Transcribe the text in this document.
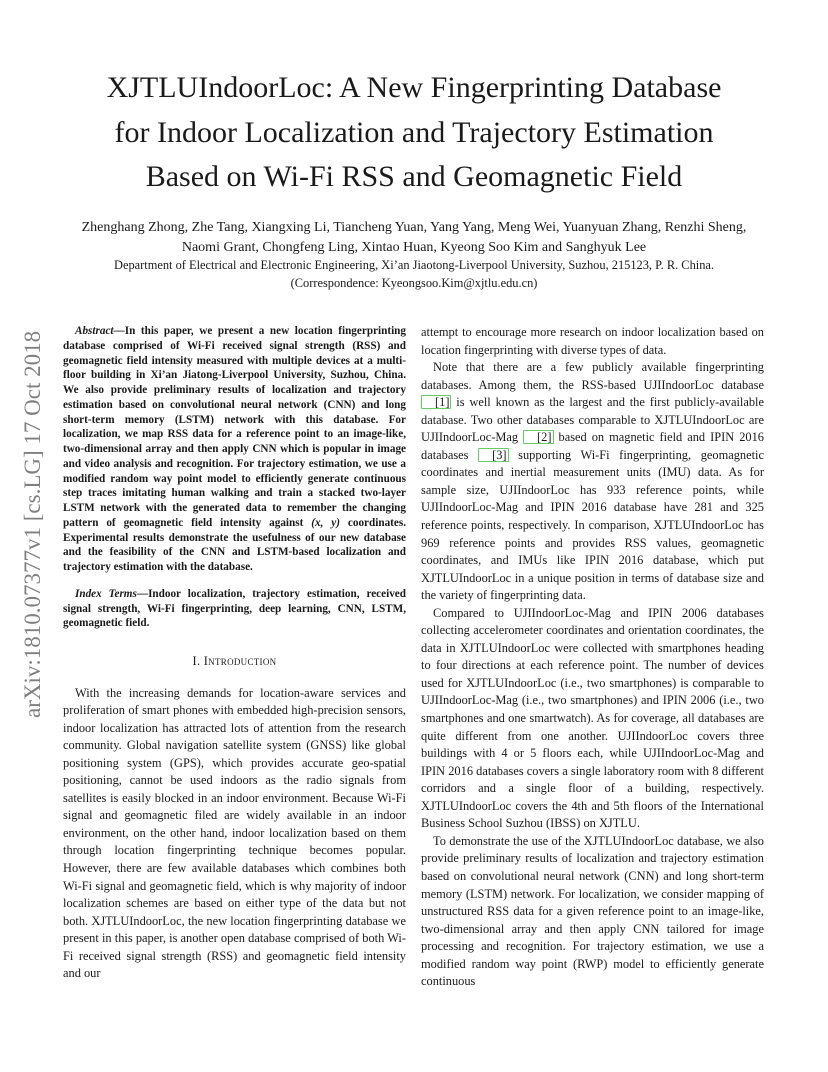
arXiv:1810.07377v1 [cs.LG] 17 Oct 2018
XJTLUIndoorLoc: A New Fingerprinting Database
for Indoor Localization and Trajectory Estimation
Based on Wi-Fi RSS and Geomagnetic Field
Zhenghang Zhong, Zhe Tang, Xiangxing Li, Tiancheng Yuan, Yang Yang, Meng Wei, Yuanyuan Zhang, Renzhi Sheng,
Naomi Grant, Chongfeng Ling, Xintao Huan, Kyeong Soo Kim and Sanghyuk Lee
Department of Electrical and Electronic Engineering, Xi’an Jiaotong-Liverpool University, Suzhou, 215123, P. R. China.
(Correspondence: Kyeongsoo.Kim@xjtlu.edu.cn)

Abstract—In this paper, we present a new location fingerprinting database comprised of Wi-Fi received signal strength (RSS) and geomagnetic field intensity measured with multiple devices at a multi-floor building in Xi’an Jiatong-Liverpool University, Suzhou, China. We also provide preliminary results of localization and trajectory estimation based on convolutional neural network (CNN) and long short-term memory (LSTM) network with this database. For localization, we map RSS data for a reference point to an image-like, two-dimensional array and then apply CNN which is popular in image and video analysis and recognition. For trajectory estimation, we use a modified random way point model to efficiently generate continuous step traces imitating human walking and train a stacked two-layer LSTM network with the generated data to remember the changing pattern of geomagnetic field intensity against (x, y) coordinates. Experimental results demonstrate the usefulness of our new database and the feasibility of the CNN and LSTM-based localization and trajectory estimation with the database.

Index Terms—Indoor localization, trajectory estimation, received signal strength, Wi-Fi fingerprinting, deep learning, CNN, LSTM, geomagnetic field.

I. Introduction

With the increasing demands for location-aware services and proliferation of smart phones with embedded high-precision sensors, indoor localization has attracted lots of attention from the research community. Global navigation satellite system (GNSS) like global positioning system (GPS), which provides accurate geo-spatial positioning, cannot be used indoors as the radio signals from satellites is easily blocked in an indoor environment. Because Wi-Fi signal and geomagnetic filed are widely available in an indoor environment, on the other hand, indoor localization based on them through location fingerprinting technique becomes popular. However, there are few available databases which combines both Wi-Fi signal and geomagnetic field, which is why majority of indoor localization schemes are based on either type of the data but not both. XJTLUIndoorLoc, the new location fingerprinting database we present in this paper, is another open database comprised of both Wi-Fi received signal strength (RSS) and geomagnetic field intensity and our

attempt to encourage more research on indoor localization based on location fingerprinting with diverse types of data.

Note that there are a few publicly available fingerprinting databases. Among them, the RSS-based UJIIndoorLoc database [1] is well known as the largest and the first publicly-available database. Two other databases comparable to XJTLUIndoorLoc are UJIIndoorLoc-Mag [2] based on magnetic field and IPIN 2016 databases [3] supporting Wi-Fi fingerprinting, geomagnetic coordinates and inertial measurement units (IMU) data. As for sample size, UJIIndoorLoc has 933 reference points, while UJIIndoorLoc-Mag and IPIN 2016 database have 281 and 325 reference points, respectively. In comparison, XJTLUIndoorLoc has 969 reference points and provides RSS values, geomagnetic coordinates, and IMUs like IPIN 2016 database, which put XJTLUIndoorLoc in a unique position in terms of database size and the variety of fingerprinting data.

Compared to UJIIndoorLoc-Mag and IPIN 2006 databases collecting accelerometer coordinates and orientation coordinates, the data in XJTLUIndoorLoc were collected with smartphones heading to four directions at each reference point. The number of devices used for XJTLUIndoorLoc (i.e., two smartphones) is comparable to UJIIndoorLoc-Mag (i.e., two smartphones) and IPIN 2006 (i.e., two smartphones and one smartwatch). As for coverage, all databases are quite different from one another. UJIIndoorLoc covers three buildings with 4 or 5 floors each, while UJIIndoorLoc-Mag and IPIN 2016 databases covers a single laboratory room with 8 different corridors and a single floor of a building, respectively. XJTLUIndoorLoc covers the 4th and 5th floors of the International Business School Suzhou (IBSS) on XJTLU.

To demonstrate the use of the XJTLUIndoorLoc database, we also provide preliminary results of localization and trajectory estimation based on convolutional neural network (CNN) and long short-term memory (LSTM) network. For localization, we consider mapping of unstructured RSS data for a given reference point to an image-like, two-dimensional array and then apply CNN tailored for image processing and recognition. For trajectory estimation, we use a modified random way point (RWP) model to efficiently generate continuous
